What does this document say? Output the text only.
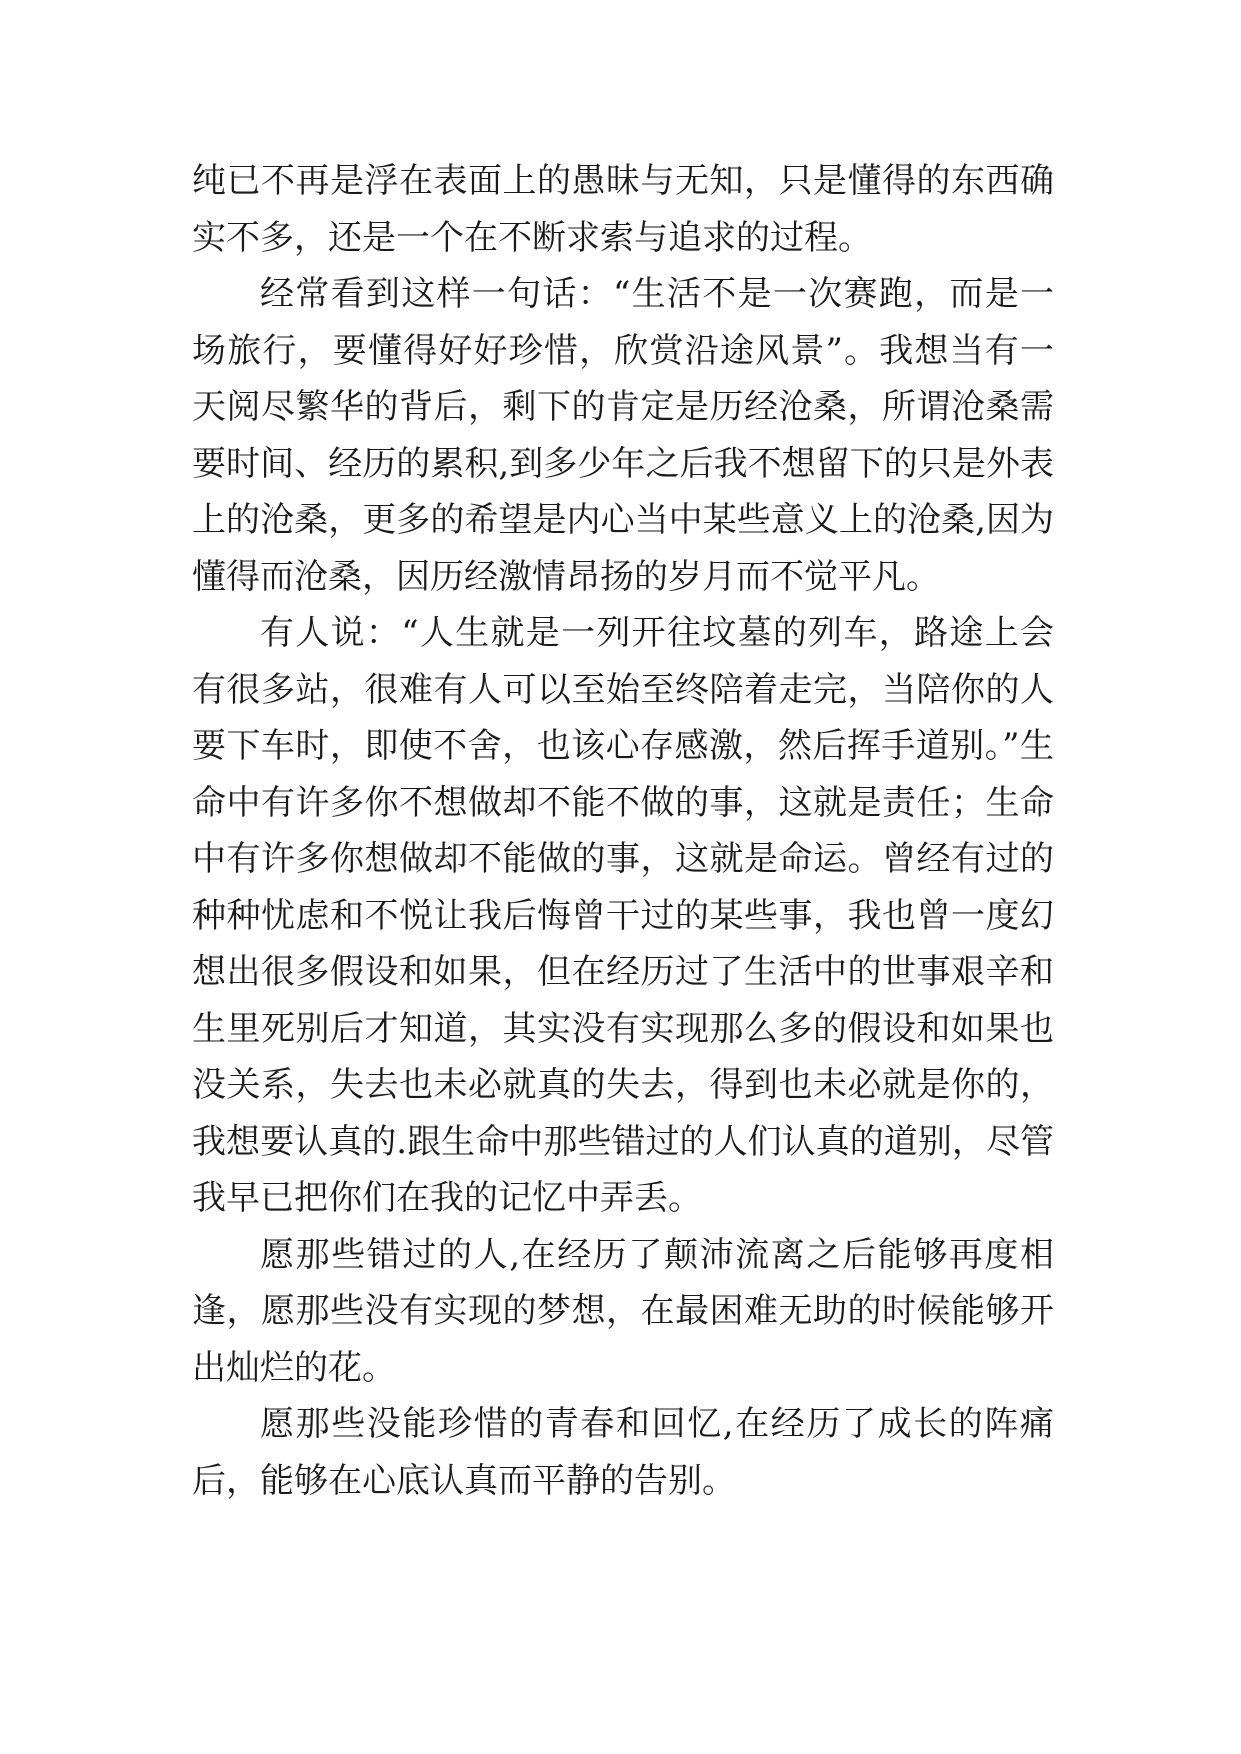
纯已不再是浮在表面上的愚昧与无知，只是懂得的东西确实不多，还是一个在不断求索与追求的过程。

经常看到这样一句话：“生活不是一次赛跑，而是一场旅行，要懂得好好珍惜，欣赏沿途风景”。我想当有一天阅尽繁华的背后，剩下的肯定是历经沧桑，所谓沧桑需要时间、经历的累积,到多少年之后我不想留下的只是外表上的沧桑，更多的希望是内心当中某些意义上的沧桑,因为懂得而沧桑，因历经激情昂扬的岁月而不觉平凡。

有人说：“人生就是一列开往坟墓的列车，路途上会有很多站，很难有人可以至始至终陪着走完，当陪你的人要下车时，即使不舍，也该心存感激，然后挥手道别。”生命中有许多你不想做却不能不做的事，这就是责任；生命中有许多你想做却不能做的事，这就是命运。曾经有过的种种忧虑和不悦让我后悔曾干过的某些事，我也曾一度幻想出很多假设和如果，但在经历过了生活中的世事艰辛和生里死别后才知道，其实没有实现那么多的假设和如果也没关系，失去也未必就真的失去，得到也未必就是你的，我想要认真的.跟生命中那些错过的人们认真的道别，尽管我早已把你们在我的记忆中弄丢。

愿那些错过的人,在经历了颠沛流离之后能够再度相逢，愿那些没有实现的梦想，在最困难无助的时候能够开出灿烂的花。

愿那些没能珍惜的青春和回忆,在经历了成长的阵痛后，能够在心底认真而平静的告别。
